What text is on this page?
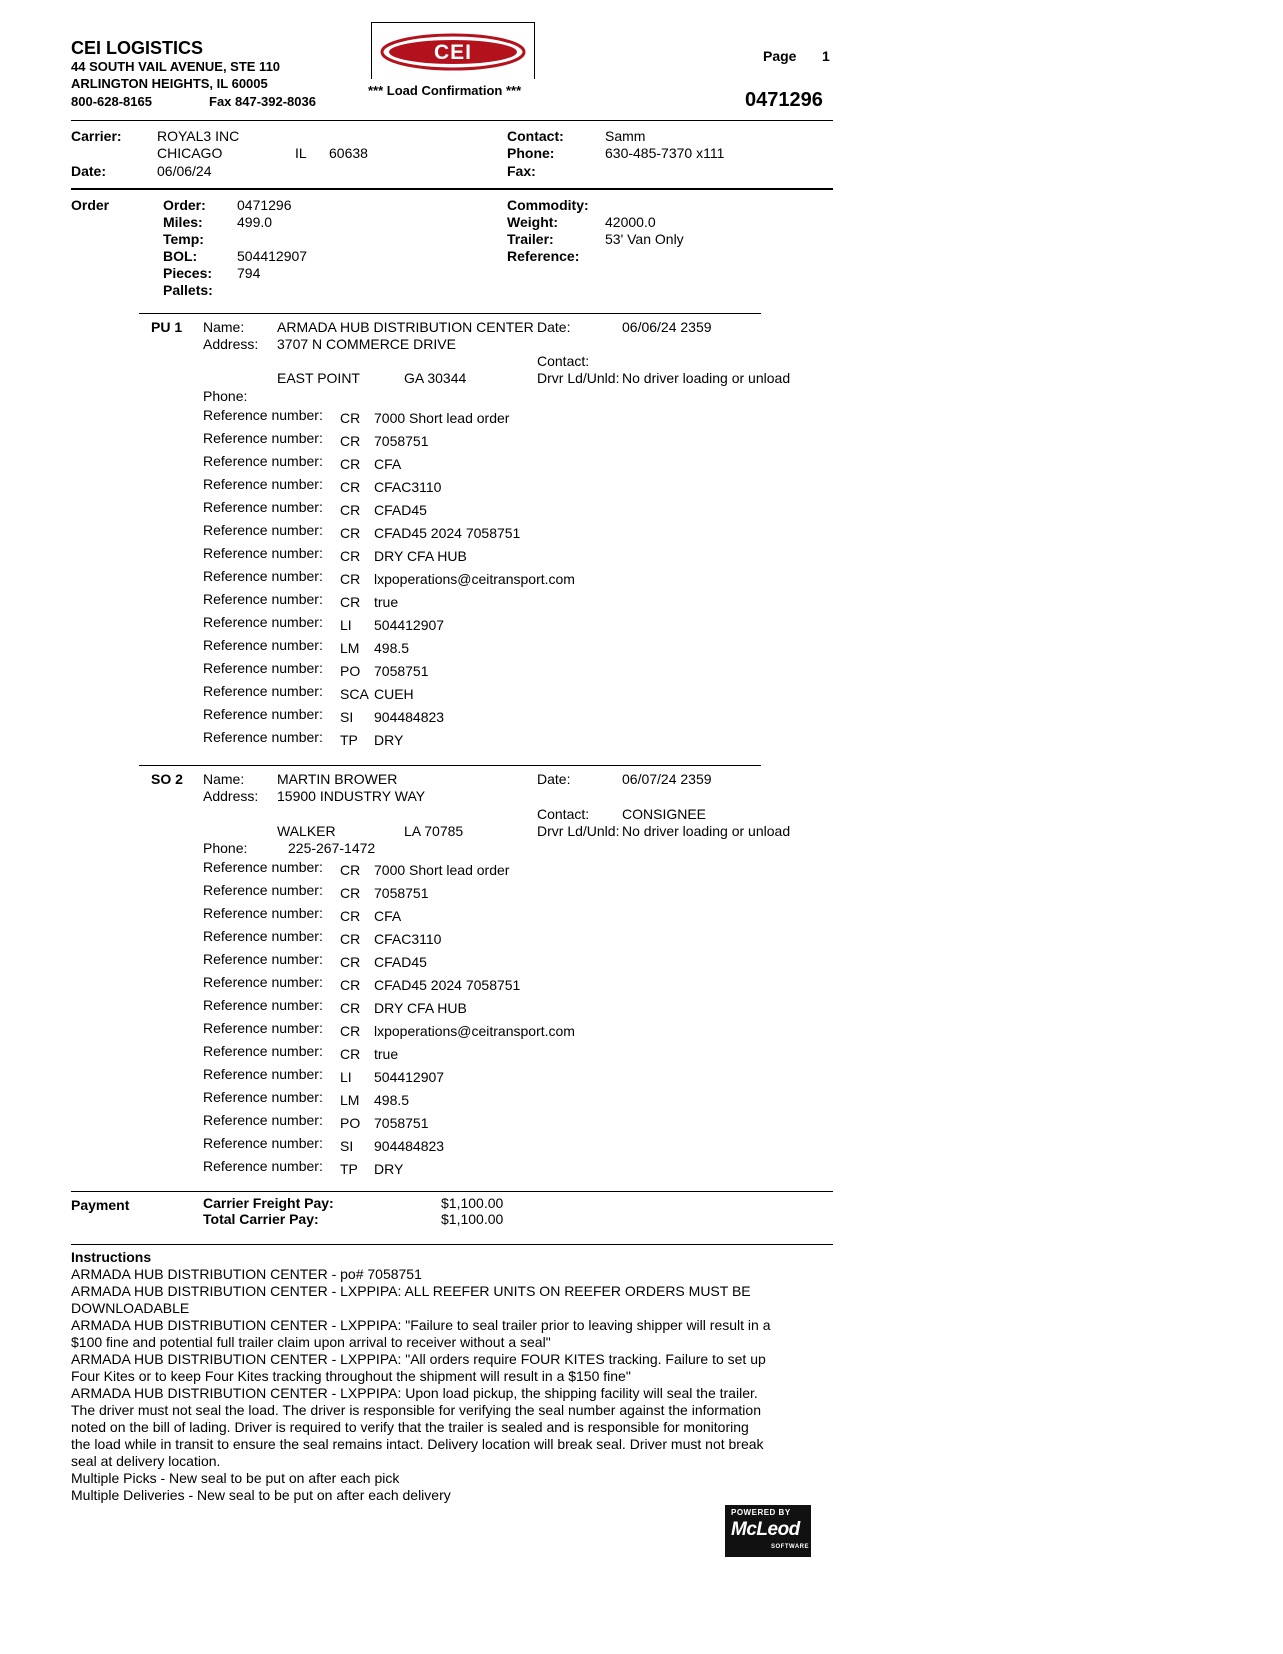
CEI LOGISTICS
44 SOUTH VAIL AVENUE, STE 110
ARLINGTON HEIGHTS, IL 60005
800-628-8165	Fax 847-392-8036
CEI
*** Load Confirmation ***
Page 1
0471296
Carrier:	ROYAL3 INC
CHICAGO	IL 60638
Date:	06/06/24
Contact:	Samm
Phone:	630-485-7370 x111
Fax:
Order	Order: 0471296
Miles: 499.0
Temp:
BOL:	504412907
Pieces: 794
Pallets:
Commodity:
Weight:	42000.0
Trailer:	53' Van Only
Reference:
PU 1 Name: ARMADA HUB DISTRIBUTION CENTER
Address: 3707 N COMMERCE DRIVE
EAST POINT	GA 30344
Phone:
Date:	06/06/24 2359
Contact:
Drvr Ld/Unld: No driver loading or unload
Reference number: CR 7000 Short lead order
Reference number: CR 7058751
Reference number: CR CFA
Reference number: CR CFAC3110
Reference number: CR CFAD45
Reference number: CR CFAD45 2024 7058751
Reference number: CR DRY CFA HUB
Reference number: CR lxpoperations@ceitransport.com
Reference number: CR true
Reference number: LI 504412907
Reference number: LM 498.5
Reference number: PO 7058751
Reference number: SCA CUEH
Reference number: SI 904484823
Reference number: TP DRY
SO 2 Name: MARTIN BROWER
Address: 15900 INDUSTRY WAY
WALKER	LA 70785
Phone:	225-267-1472
Date:	06/07/24 2359
Contact: CONSIGNEE
Drvr Ld/Unld: No driver loading or unload
Reference number: CR 7000 Short lead order
Reference number: CR 7058751
Reference number: CR CFA
Reference number: CR CFAC3110
Reference number: CR CFAD45
Reference number: CR CFAD45 2024 7058751
Reference number: CR DRY CFA HUB
Reference number: CR lxpoperations@ceitransport.com
Reference number: CR true
Reference number: LI 504412907
Reference number: LM 498.5
Reference number: PO 7058751
Reference number: SI 904484823
Reference number: TP DRY
Payment	Carrier Freight Pay:	$1,100.00
Total Carrier Pay:	$1,100.00
Instructions
ARMADA HUB DISTRIBUTION CENTER - po# 7058751
ARMADA HUB DISTRIBUTION CENTER - LXPPIPA: ALL REEFER UNITS ON REEFER ORDERS MUST BE
DOWNLOADABLE
ARMADA HUB DISTRIBUTION CENTER - LXPPIPA: "Failure to seal trailer prior to leaving shipper will result in a
$100 fine and potential full trailer claim upon arrival to receiver without a seal"
ARMADA HUB DISTRIBUTION CENTER - LXPPIPA: "All orders require FOUR KITES tracking. Failure to set up
Four Kites or to keep Four Kites tracking throughout the shipment will result in a $150 fine"
ARMADA HUB DISTRIBUTION CENTER - LXPPIPA: Upon load pickup, the shipping facility will seal the trailer.
The driver must not seal the load. The driver is responsible for verifying the seal number against the information
noted on the bill of lading. Driver is required to verify that the trailer is sealed and is responsible for monitoring
the load while in transit to ensure the seal remains intact. Delivery location will break seal. Driver must not break
seal at delivery location.
Multiple Picks - New seal to be put on after each pick
Multiple Deliveries - New seal to be put on after each delivery
POWERED BY
McLeod
SOFTWARE
